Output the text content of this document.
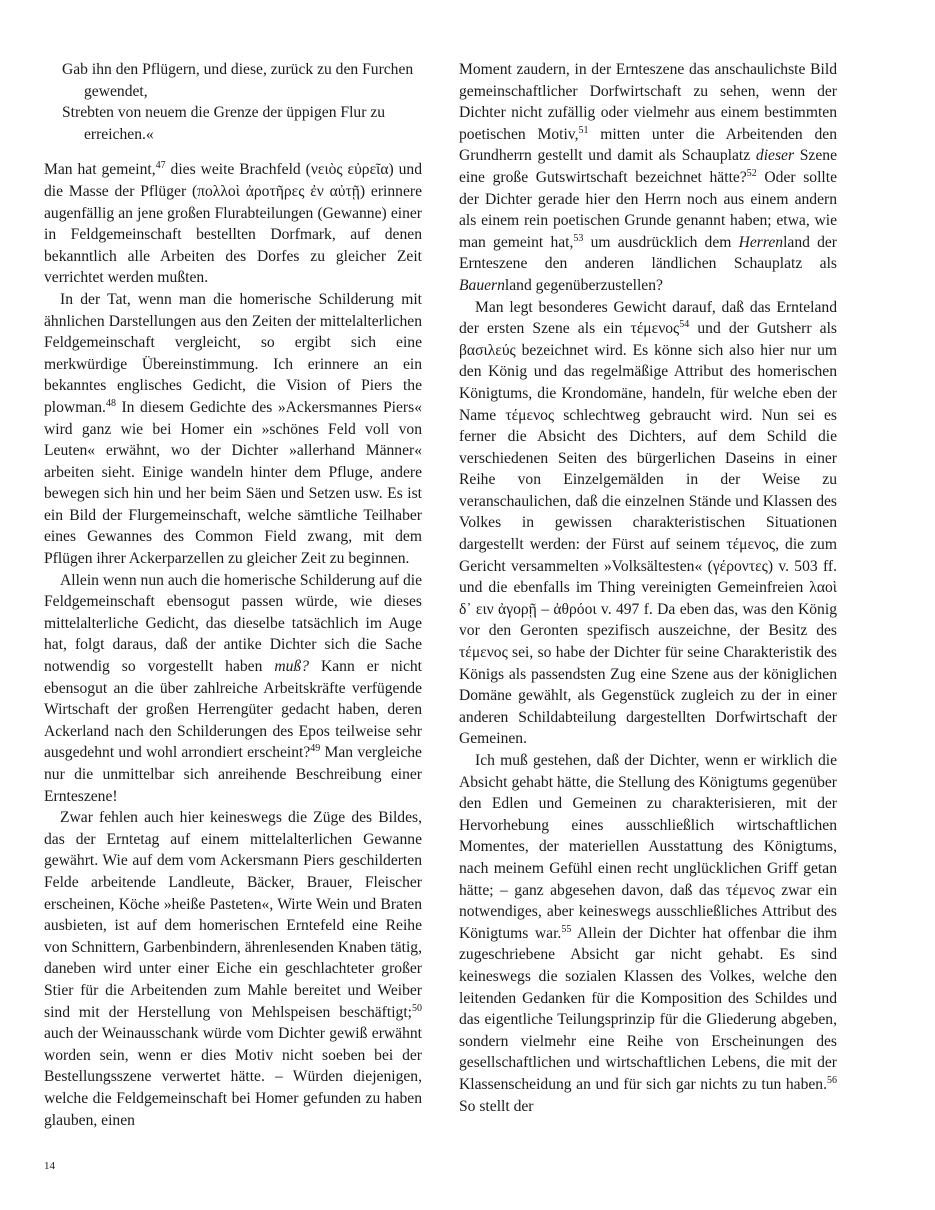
Gab ihn den Pflügern, und diese, zurück zu den Furchen gewendet,

Strebten von neuem die Grenze der üppigen Flur zu erreichen.«

Man hat gemeint,$^{47}$ dies weite Brachfeld (νειὸς εὐρεῖα) und die Masse der Pflüger (πολλοὶ ἀροτῆρες ἐν αὐτῇ) erinnere augenfällig an jene großen Flurabteilungen (Gewanne) einer in Feldgemeinschaft bestellten Dorfmark, auf denen bekanntlich alle Arbeiten des Dorfes zu gleicher Zeit verrichtet werden mußten.

In der Tat, wenn man die homerische Schilderung mit ähnlichen Darstellungen aus den Zeiten der mittelalterlichen Feldgemeinschaft vergleicht, so ergibt sich eine merkwürdige Übereinstimmung. Ich erinnere an ein bekanntes englisches Gedicht, die Vision of Piers the plowman.$^{48}$ In diesem Gedichte des »Ackersmannes Piers« wird ganz wie bei Homer ein »schönes Feld voll von Leuten« erwähnt, wo der Dichter »allerhand Männer« arbeiten sieht. Einige wandeln hinter dem Pfluge, andere bewegen sich hin und her beim Säen und Setzen usw. Es ist ein Bild der Flurgemeinschaft, welche sämtliche Teilhaber eines Gewannes des Common Field zwang, mit dem Pflügen ihrer Ackerparzellen zu gleicher Zeit zu beginnen.

Allein wenn nun auch die homerische Schilderung auf die Feldgemeinschaft ebensogut passen würde, wie dieses mittelalterliche Gedicht, das dieselbe tatsächlich im Auge hat, folgt daraus, daß der antike Dichter sich die Sache notwendig so vorgestellt haben muß? Kann er nicht ebensogut an die über zahlreiche Arbeitskräfte verfügende Wirtschaft der großen Herrengüter gedacht haben, deren Ackerland nach den Schilderungen des Epos teilweise sehr ausgedehnt und wohl arrondiert erscheint?$^{49}$ Man vergleiche nur die unmittelbar sich anreihende Beschreibung einer Ernteszene!

Zwar fehlen auch hier keineswegs die Züge des Bildes, das der Erntetag auf einem mittelalterlichen Gewanne gewährt. Wie auf dem vom Ackersmann Piers geschilderten Felde arbeitende Landleute, Bäcker, Brauer, Fleischer erscheinen, Köche »heiße Pasteten«, Wirte Wein und Braten ausbieten, ist auf dem homerischen Erntefeld eine Reihe von Schnittern, Garbenbindern, ährenlesenden Knaben tätig, daneben wird unter einer Eiche ein geschlachteter großer Stier für die Arbeitenden zum Mahle bereitet und Weiber sind mit der Herstellung von Mehlspeisen beschäftigt;$^{50}$ auch der Weinausschank würde vom Dichter gewiß erwähnt worden sein, wenn er dies Motiv nicht soeben bei der Bestellungsszene verwertet hätte. – Würden diejenigen, welche die Feldgemeinschaft bei Homer gefunden zu haben glauben, einen

Moment zaudern, in der Ernteszene das anschaulichste Bild gemeinschaftlicher Dorfwirtschaft zu sehen, wenn der Dichter nicht zufällig oder vielmehr aus einem bestimmten poetischen Motiv,$^{51}$ mitten unter die Arbeitenden den Grundherrn gestellt und damit als Schauplatz dieser Szene eine große Gutswirtschaft bezeichnet hätte?$^{52}$ Oder sollte der Dichter gerade hier den Herrn noch aus einem andern als einem rein poetischen Grunde genannt haben; etwa, wie man gemeint hat,$^{53}$ um ausdrücklich dem Herrenland der Ernteszene den anderen ländlichen Schauplatz als Bauernland gegenüberzustellen?

Man legt besonderes Gewicht darauf, daß das Ernteland der ersten Szene als ein τέμενος$^{54}$ und der Gutsherr als βασιλεύς bezeichnet wird. Es könne sich also hier nur um den König und das regelmäßige Attribut des homerischen Königtums, die Krondomäne, handeln, für welche eben der Name τέμενος schlechtweg gebraucht wird. Nun sei es ferner die Absicht des Dichters, auf dem Schild die verschiedenen Seiten des bürgerlichen Daseins in einer Reihe von Einzelgemälden in der Weise zu veranschaulichen, daß die einzelnen Stände und Klassen des Volkes in gewissen charakteristischen Situationen dargestellt werden: der Fürst auf seinem τέμενος, die zum Gericht versammelten »Volksältesten« (γέροντες) v. 503 ff. und die ebenfalls im Thing vereinigten Gemeinfreien λαοὶ δ᾽ ειν ἀγορῇ – ἀθρόοι v. 497 f. Da eben das, was den König vor den Geronten spezifisch auszeichne, der Besitz des τέμενος sei, so habe der Dichter für seine Charakteristik des Königs als passendsten Zug eine Szene aus der königlichen Domäne gewählt, als Gegenstück zugleich zu der in einer anderen Schildabteilung dargestellten Dorfwirtschaft der Gemeinen.

Ich muß gestehen, daß der Dichter, wenn er wirklich die Absicht gehabt hätte, die Stellung des Königtums gegenüber den Edlen und Gemeinen zu charakterisieren, mit der Hervorhebung eines ausschließlich wirtschaftlichen Momentes, der materiellen Ausstattung des Königtums, nach meinem Gefühl einen recht unglücklichen Griff getan hätte; – ganz abgesehen davon, daß das τέμενος zwar ein notwendiges, aber keineswegs ausschließliches Attribut des Königtums war.$^{55}$ Allein der Dichter hat offenbar die ihm zugeschriebene Absicht gar nicht gehabt. Es sind keineswegs die sozialen Klassen des Volkes, welche den leitenden Gedanken für die Komposition des Schildes und das eigentliche Teilungsprinzip für die Gliederung abgeben, sondern vielmehr eine Reihe von Erscheinungen des gesellschaftlichen und wirtschaftlichen Lebens, die mit der Klassenscheidung an und für sich gar nichts zu tun haben.$^{56}$ So stellt der

14
